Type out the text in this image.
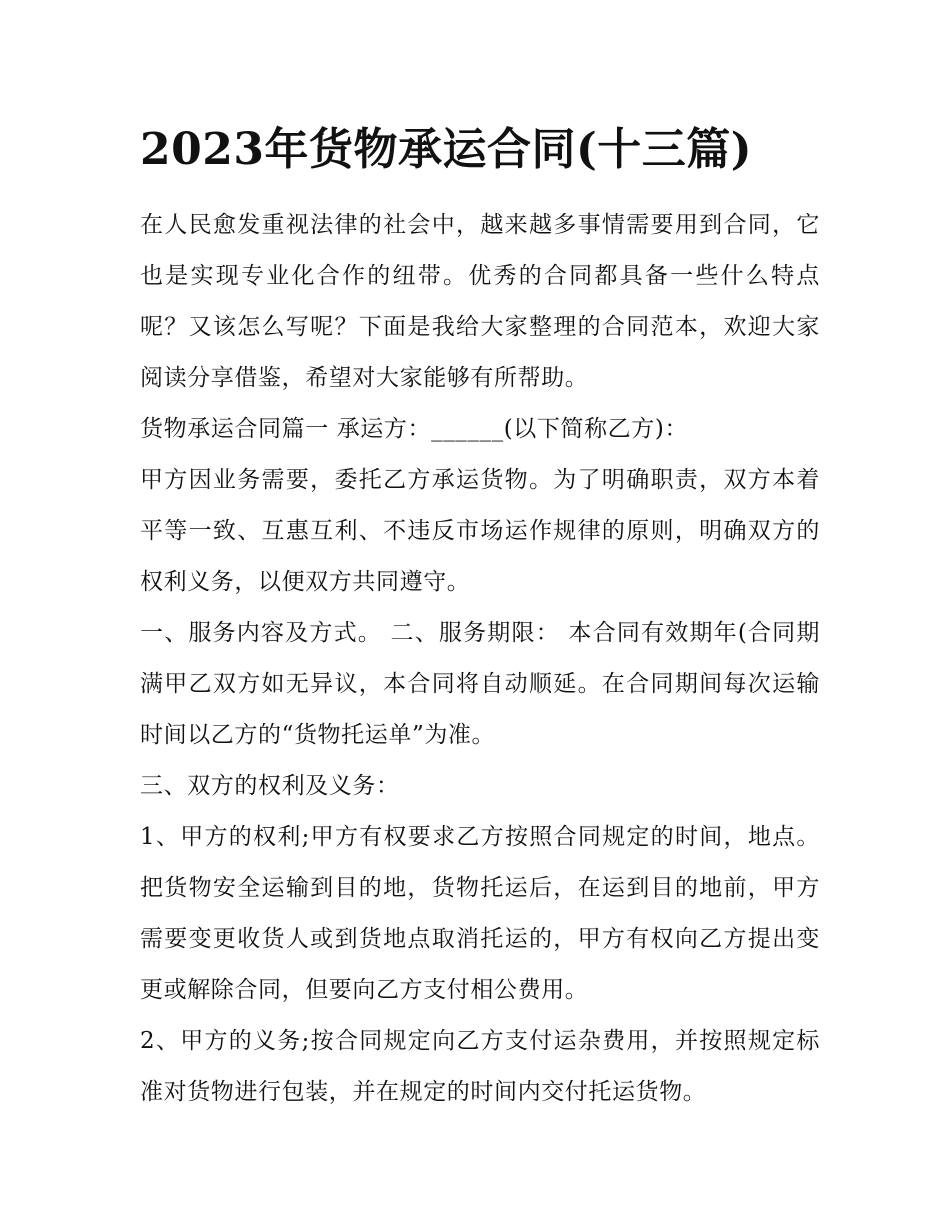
2023年货物承运合同(十三篇)

在人民愈发重视法律的社会中，越来越多事情需要用到合同，它也是实现专业化合作的纽带。优秀的合同都具备一些什么特点呢？又该怎么写呢？下面是我给大家整理的合同范本，欢迎大家阅读分享借鉴，希望对大家能够有所帮助。

货物承运合同篇一 承运方：______(以下简称乙方)：

甲方因业务需要，委托乙方承运货物。为了明确职责，双方本着平等一致、互惠互利、不违反市场运作规律的原则，明确双方的权利义务，以便双方共同遵守。

一、服务内容及方式。 二、服务期限： 本合同有效期年(合同期满甲乙双方如无异议，本合同将自动顺延。在合同期间每次运输时间以乙方的“货物托运单”为准。

三、双方的权利及义务：

1、甲方的权利;甲方有权要求乙方按照合同规定的时间，地点。把货物安全运输到目的地，货物托运后，在运到目的地前，甲方需要变更收货人或到货地点取消托运的，甲方有权向乙方提出变更或解除合同，但要向乙方支付相公费用。

2、甲方的义务;按合同规定向乙方支付运杂费用，并按照规定标准对货物进行包装，并在规定的时间内交付托运货物。
